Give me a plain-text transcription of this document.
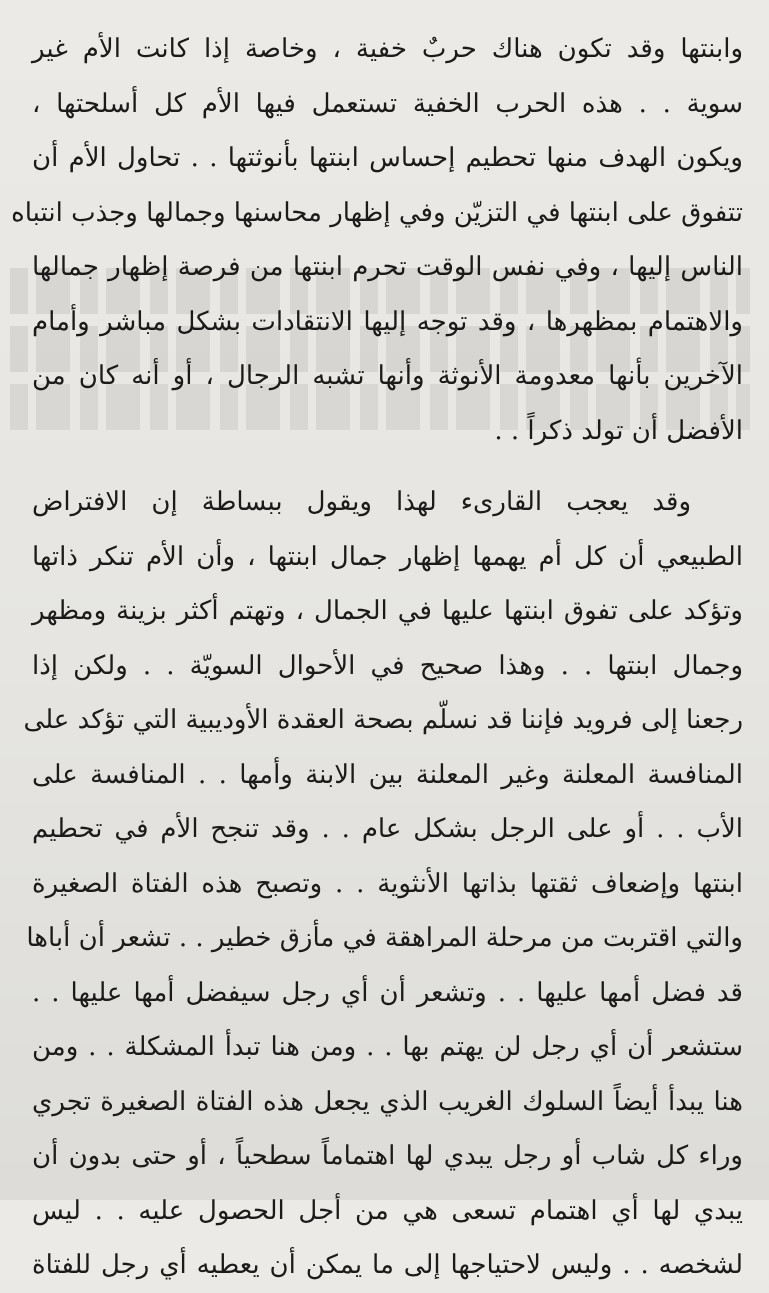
وابنتها وقد تكون هناك حربٌ خفية ، وخاصة إذا كانت الأم غير
سوية . . هذه الحرب الخفية تستعمل فيها الأم كل أسلحتها ،
ويكون الهدف منها تحطيم إحساس ابنتها بأنوثتها . . تحاول الأم أن
تتفوق على ابنتها في التزيّن وفي إظهار محاسنها وجمالها وجذب انتباه
الناس إليها ، وفي نفس الوقت تحرم ابنتها من فرصة إظهار جمالها
والاهتمام بمظهرها ، وقد توجه إليها الانتقادات بشكل مباشر وأمام
الآخرين بأنها معدومة الأنوثة وأنها تشبه الرجال ، أو أنه كان من
الأفضل أن تولد ذكراً . .
وقد يعجب القارىء لهذا ويقول ببساطة إن الافتراض
الطبيعي أن كل أم يهمها إظهار جمال ابنتها ، وأن الأم تنكر ذاتها
وتؤكد على تفوق ابنتها عليها في الجمال ، وتهتم أكثر بزينة ومظهر
وجمال ابنتها . . وهذا صحيح في الأحوال السويّة . . ولكن إذا
رجعنا إلى فرويد فإننا قد نسلّم بصحة العقدة الأوديبية التي تؤكد على
المنافسة المعلنة وغير المعلنة بين الابنة وأمها . . المنافسة على
الأب . . أو على الرجل بشكل عام . . وقد تنجح الأم في تحطيم
ابنتها وإضعاف ثقتها بذاتها الأنثوية . . وتصبح هذه الفتاة الصغيرة
والتي اقتربت من مرحلة المراهقة في مأزق خطير . . تشعر أن أباها
قد فضل أمها عليها . . وتشعر أن أي رجل سيفضل أمها عليها . .
ستشعر أن أي رجل لن يهتم بها . . ومن هنا تبدأ المشكلة . . ومن
هنا يبدأ أيضاً السلوك الغريب الذي يجعل هذه الفتاة الصغيرة تجري
وراء كل شاب أو رجل يبدي لها اهتماماً سطحياً ، أو حتى بدون أن
يبدي لها أي اهتمام تسعى هي من أجل الحصول عليه . . ليس
لشخصه . . وليس لاحتياجها إلى ما يمكن أن يعطيه أي رجل للفتاة
